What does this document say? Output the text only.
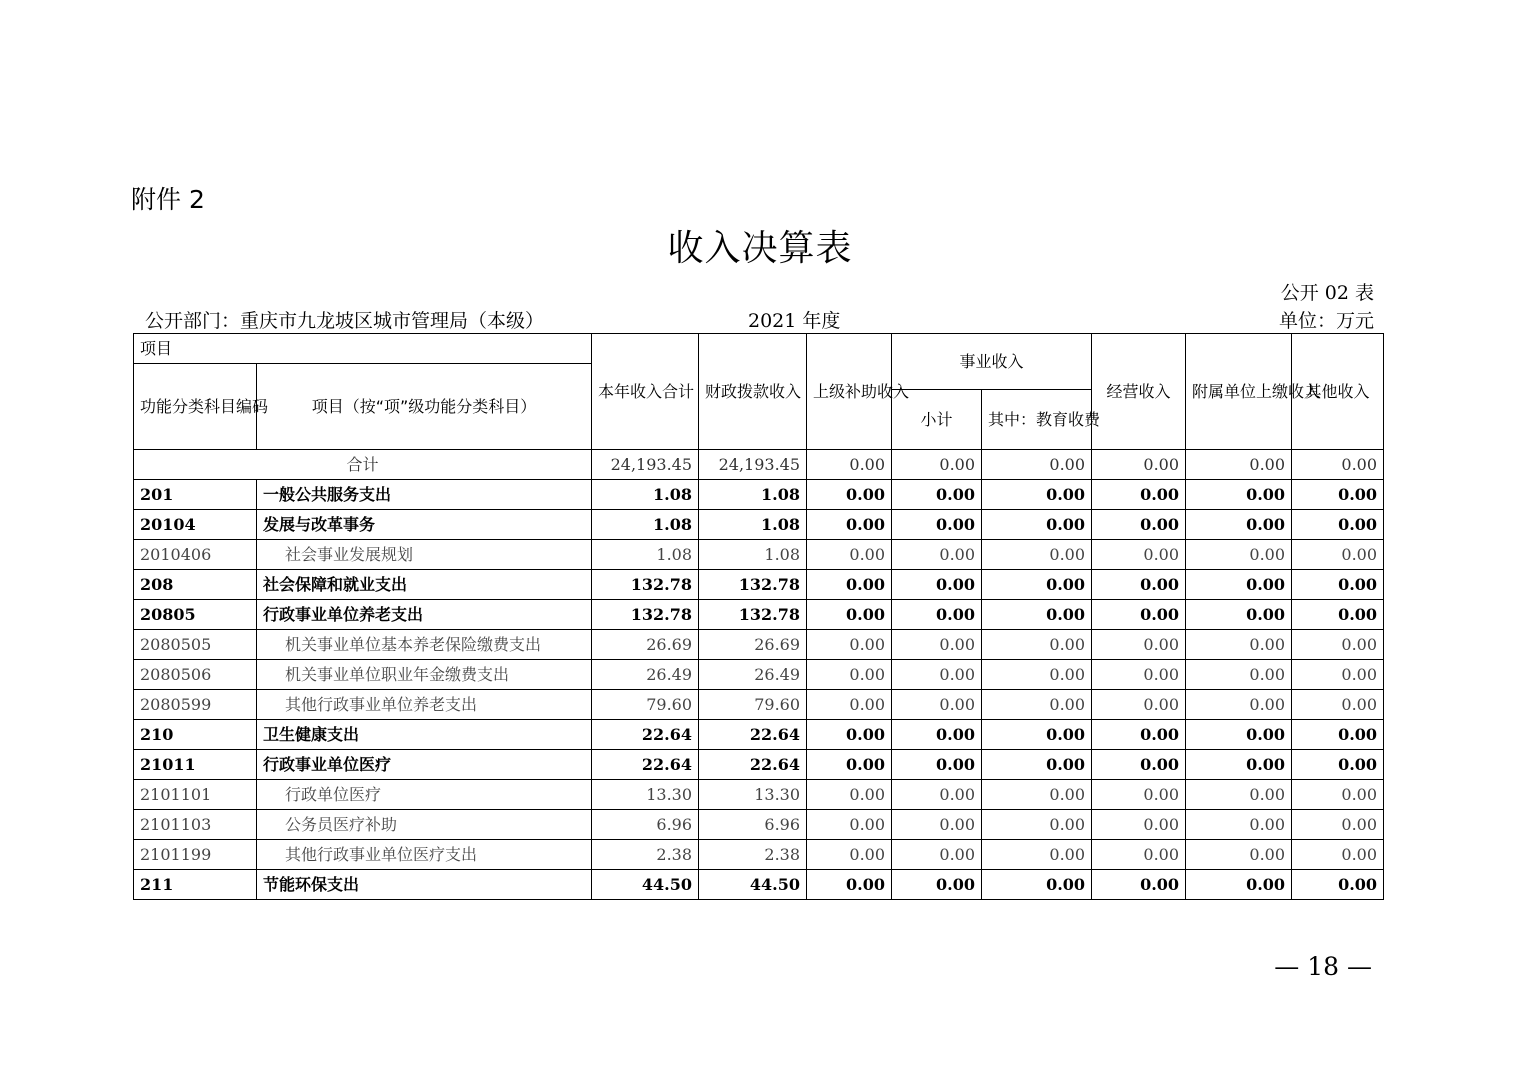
附件 2
收入决算表
公开 02 表
公开部门：重庆市九龙坡区城市管理局（本级）	2021 年度	单位：万元
项目		本年收入合计	财政拨款收入	上级补助收入	事业收入		经营收入	附属单位上缴收入	其他收入
功能分类科目编码	项目（按“项”级功能分类科目）								
					小计	其中：教育收费			
合计		24,193.45	24,193.45	0.00	0.00	0.00	0.00	0.00	0.00
201	一般公共服务支出	1.08	1.08	0.00	0.00	0.00	0.00	0.00	0.00
20104	发展与改革事务	1.08	1.08	0.00	0.00	0.00	0.00	0.00	0.00
2010406	社会事业发展规划	1.08	1.08	0.00	0.00	0.00	0.00	0.00	0.00
208	社会保障和就业支出	132.78	132.78	0.00	0.00	0.00	0.00	0.00	0.00
20805	行政事业单位养老支出	132.78	132.78	0.00	0.00	0.00	0.00	0.00	0.00
2080505	机关事业单位基本养老保险缴费支出	26.69	26.69	0.00	0.00	0.00	0.00	0.00	0.00
2080506	机关事业单位职业年金缴费支出	26.49	26.49	0.00	0.00	0.00	0.00	0.00	0.00
2080599	其他行政事业单位养老支出	79.60	79.60	0.00	0.00	0.00	0.00	0.00	0.00
210	卫生健康支出	22.64	22.64	0.00	0.00	0.00	0.00	0.00	0.00
21011	行政事业单位医疗	22.64	22.64	0.00	0.00	0.00	0.00	0.00	0.00
2101101	行政单位医疗	13.30	13.30	0.00	0.00	0.00	0.00	0.00	0.00
2101103	公务员医疗补助	6.96	6.96	0.00	0.00	0.00	0.00	0.00	0.00
2101199	其他行政事业单位医疗支出	2.38	2.38	0.00	0.00	0.00	0.00	0.00	0.00
211	节能环保支出	44.50	44.50	0.00	0.00	0.00	0.00	0.00	0.00
— 18 —
